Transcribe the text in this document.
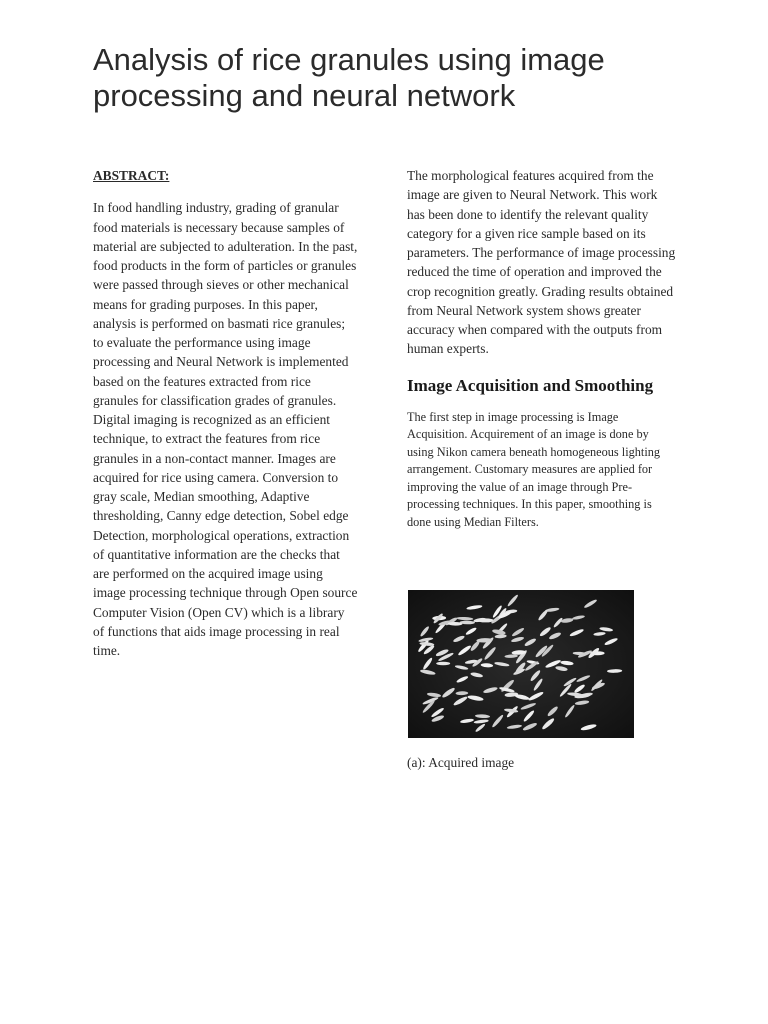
Analysis of rice granules using image processing and neural network

ABSTRACT:

In food handling industry, grading of granular food materials is necessary because samples of material are subjected to adulteration. In the past, food products in the form of particles or granules were passed through sieves or other mechanical means for grading purposes. In this paper, analysis is performed on basmati rice granules; to evaluate the performance using image processing and Neural Network is implemented based on the features extracted from rice granules for classification grades of granules. Digital imaging is recognized as an efficient technique, to extract the features from rice granules in a non-contact manner. Images are acquired for rice using camera. Conversion to gray scale, Median smoothing, Adaptive thresholding, Canny edge detection, Sobel edge Detection, morphological operations, extraction of quantitative information are the checks that are performed on the acquired image using image processing technique through Open source Computer Vision (Open CV) which is a library of functions that aids image processing in real time.

The morphological features acquired from the image are given to Neural Network. This work has been done to identify the relevant quality category for a given rice sample based on its parameters. The performance of image processing reduced the time of operation and improved the crop recognition greatly. Grading results obtained from Neural Network system shows greater accuracy when compared with the outputs from human experts.

Image Acquisition and Smoothing

The first step in image processing is Image Acquisition. Acquirement of an image is done by using Nikon camera beneath homogeneous lighting arrangement. Customary measures are applied for improving the value of an image through Pre-processing techniques. In this paper, smoothing is done using Median Filters.

(a): Acquired image
